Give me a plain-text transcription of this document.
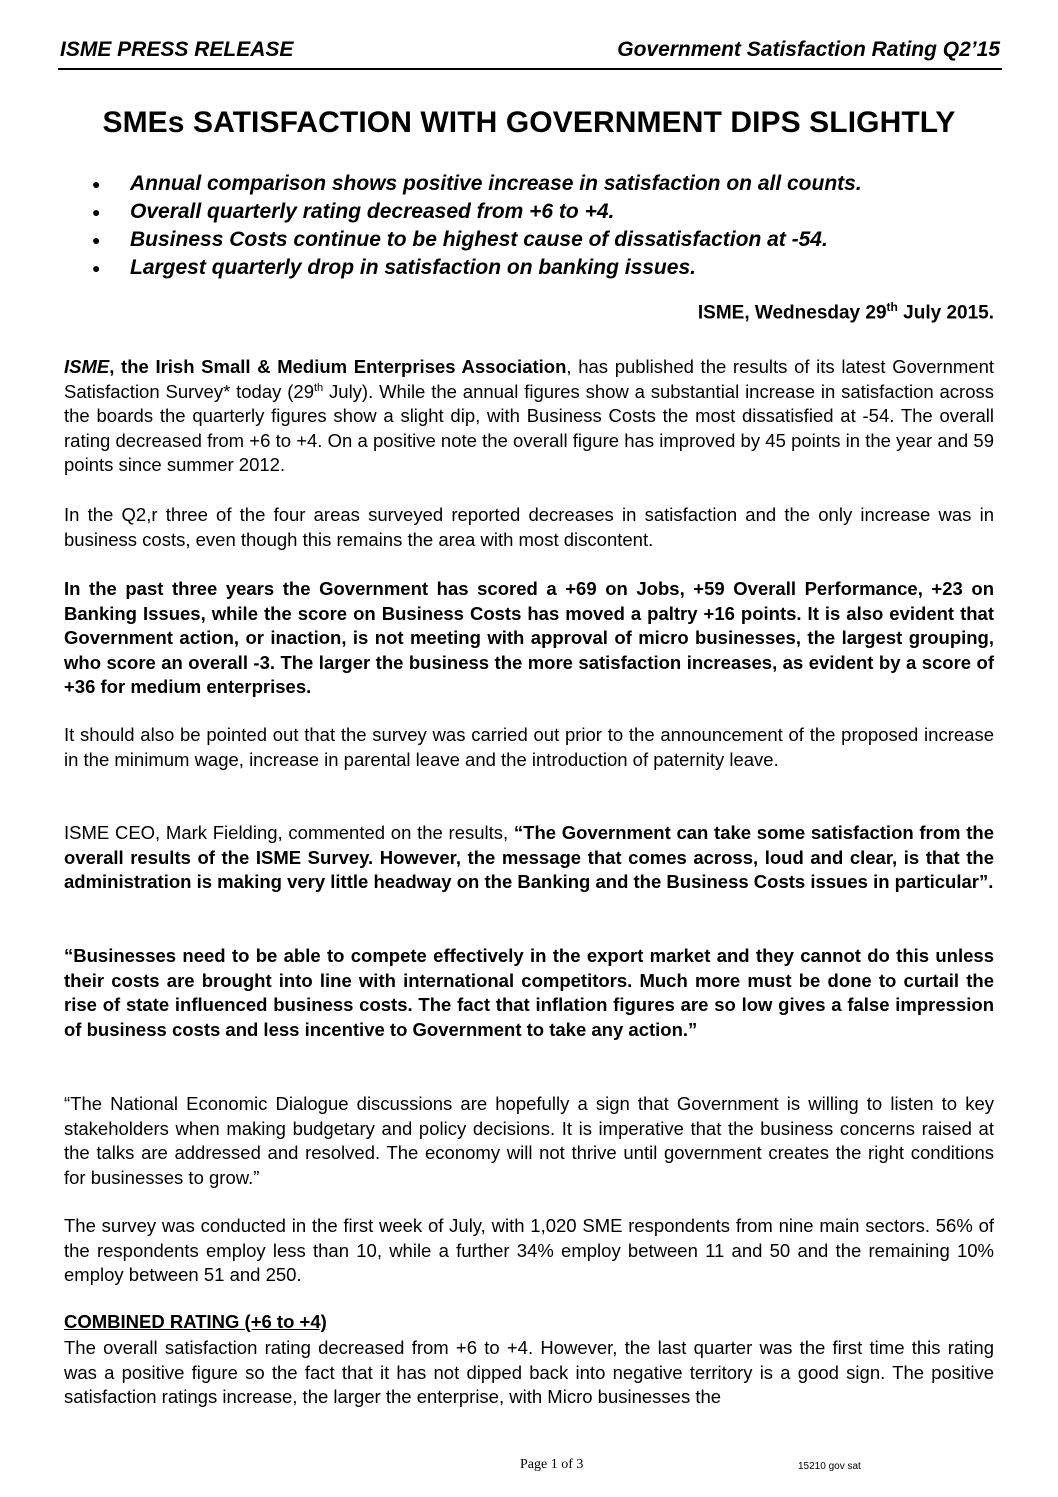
ISME PRESS RELEASE	Government Satisfaction Rating Q2’15
SMEs SATISFACTION WITH GOVERNMENT DIPS SLIGHTLY
● Annual comparison shows positive increase in satisfaction on all counts.
● Overall quarterly rating decreased from +6 to +4.
● Business Costs continue to be highest cause of dissatisfaction at -54.
● Largest quarterly drop in satisfaction on banking issues.
ISME, Wednesday 29th July 2015.

ISME, the Irish Small & Medium Enterprises Association, has published the results of its latest Government Satisfaction Survey* today (29th July). While the annual figures show a substantial increase in satisfaction across the boards the quarterly figures show a slight dip, with Business Costs the most dissatisfied at -54. The overall rating decreased from +6 to +4. On a positive note the overall figure has improved by 45 points in the year and 59 points since summer 2012.

In the Q2,r three of the four areas surveyed reported decreases in satisfaction and the only increase was in business costs, even though this remains the area with most discontent.

In the past three years the Government has scored a +69 on Jobs, +59 Overall Performance, +23 on Banking Issues, while the score on Business Costs has moved a paltry +16 points. It is also evident that Government action, or inaction, is not meeting with approval of micro businesses, the largest grouping, who score an overall -3. The larger the business the more satisfaction increases, as evident by a score of +36 for medium enterprises.

It should also be pointed out that the survey was carried out prior to the announcement of the proposed increase in the minimum wage, increase in parental leave and the introduction of paternity leave.

ISME CEO, Mark Fielding, commented on the results, “The Government can take some satisfaction from the overall results of the ISME Survey. However, the message that comes across, loud and clear, is that the administration is making very little headway on the Banking and the Business Costs issues in particular”.

“Businesses need to be able to compete effectively in the export market and they cannot do this unless their costs are brought into line with international competitors. Much more must be done to curtail the rise of state influenced business costs. The fact that inflation figures are so low gives a false impression of business costs and less incentive to Government to take any action.”

“The National Economic Dialogue discussions are hopefully a sign that Government is willing to listen to key stakeholders when making budgetary and policy decisions. It is imperative that the business concerns raised at the talks are addressed and resolved. The economy will not thrive until government creates the right conditions for businesses to grow.”

The survey was conducted in the first week of July, with 1,020 SME respondents from nine main sectors. 56% of the respondents employ less than 10, while a further 34% employ between 11 and 50 and the remaining 10% employ between 51 and 250.

COMBINED RATING (+6 to +4)

The overall satisfaction rating decreased from +6 to +4. However, the last quarter was the first time this rating was a positive figure so the fact that it has not dipped back into negative territory is a good sign. The positive satisfaction ratings increase, the larger the enterprise, with Micro businesses the

Page 1 of 3	15210 gov sat
